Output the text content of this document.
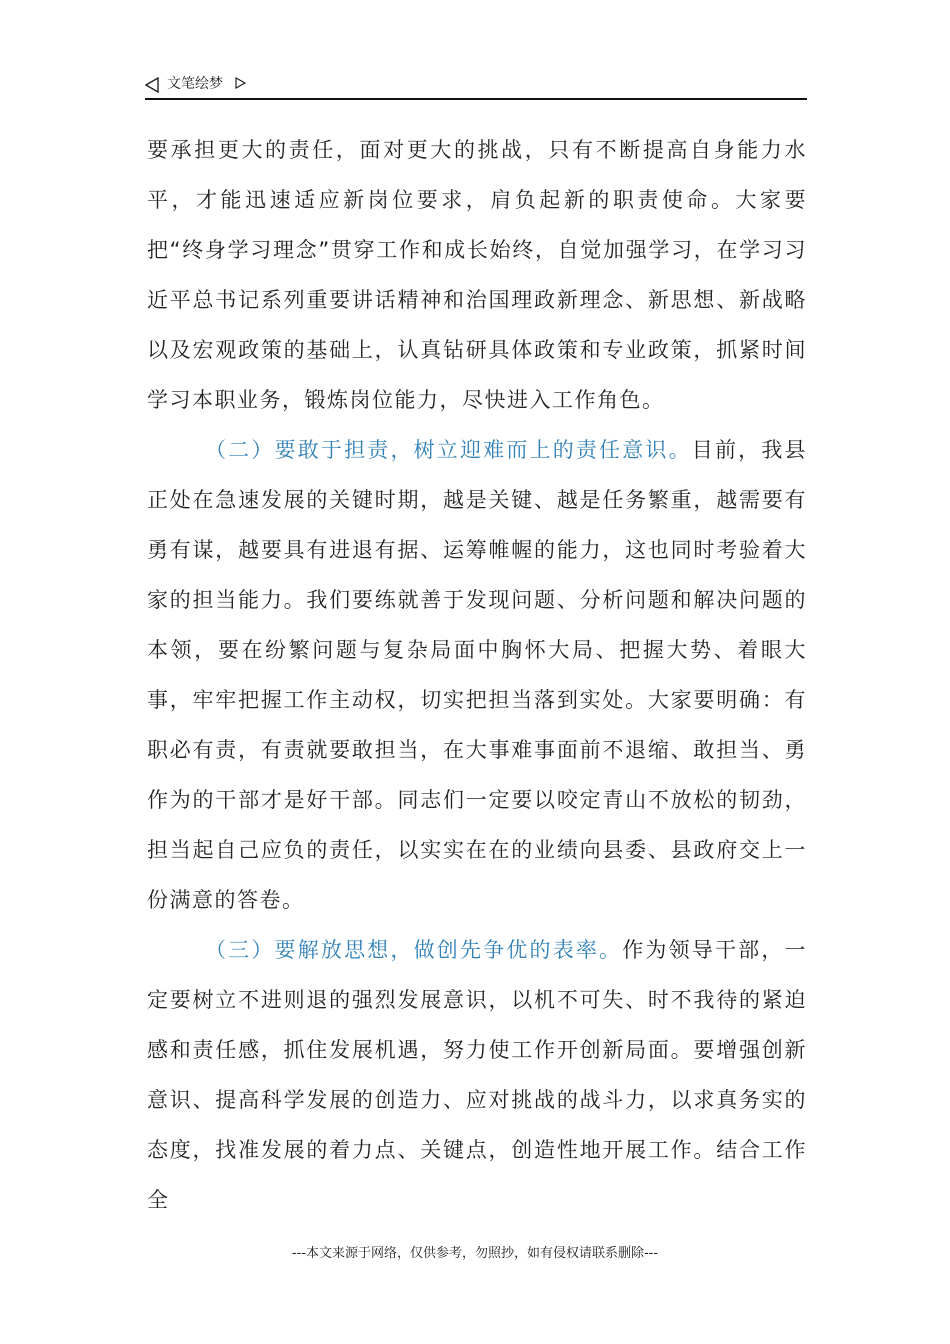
文笔绘梦

要承担更大的责任，面对更大的挑战，只有不断提高自身能力水平，才能迅速适应新岗位要求，肩负起新的职责使命。大家要把“终身学习理念”贯穿工作和成长始终，自觉加强学习，在学习习近平总书记系列重要讲话精神和治国理政新理念、新思想、新战略以及宏观政策的基础上，认真钻研具体政策和专业政策，抓紧时间学习本职业务，锻炼岗位能力，尽快进入工作角色。

（二）要敢于担责，树立迎难而上的责任意识。目前，我县正处在急速发展的关键时期，越是关键、越是任务繁重，越需要有勇有谋，越要具有进退有据、运筹帷幄的能力，这也同时考验着大家的担当能力。我们要练就善于发现问题、分析问题和解决问题的本领，要在纷繁问题与复杂局面中胸怀大局、把握大势、着眼大事，牢牢把握工作主动权，切实把担当落到实处。大家要明确：有职必有责，有责就要敢担当，在大事难事面前不退缩、敢担当、勇作为的干部才是好干部。同志们一定要以咬定青山不放松的韧劲，担当起自己应负的责任，以实实在在的业绩向县委、县政府交上一份满意的答卷。

（三）要解放思想，做创先争优的表率。作为领导干部，一定要树立不进则退的强烈发展意识，以机不可失、时不我待的紧迫感和责任感，抓住发展机遇，努力使工作开创新局面。要增强创新意识、提高科学发展的创造力、应对挑战的战斗力，以求真务实的态度，找准发展的着力点、关键点，创造性地开展工作。结合工作全

---本文来源于网络，仅供参考，勿照抄，如有侵权请联系删除---
